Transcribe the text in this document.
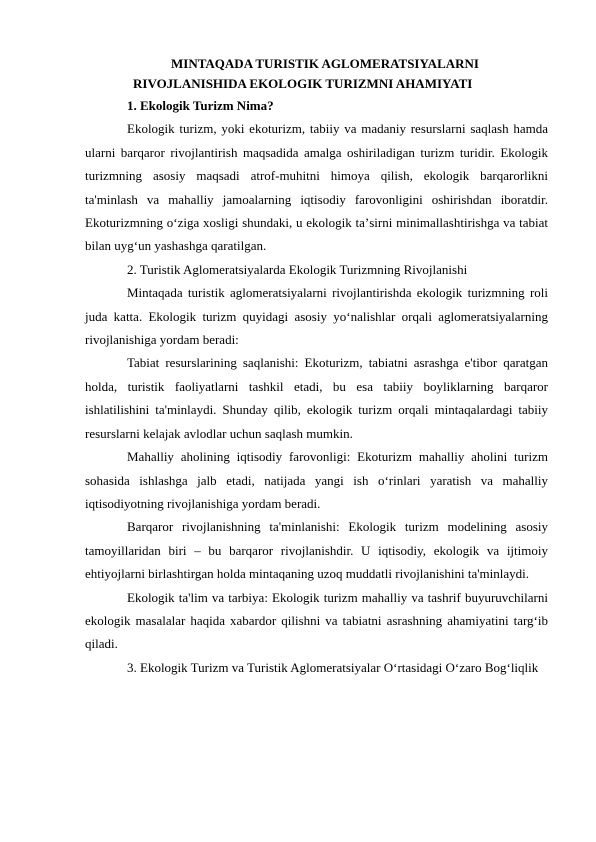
MINTAQADA TURISTIK AGLOMERATSIYALARNI
RIVOJLANISHIDA EKOLOGIK TURIZMNI AHAMIYATI

1. Ekologik Turizm Nima?

Ekologik turizm, yoki ekoturizm, tabiiy va madaniy resurslarni saqlash hamda ularni barqaror rivojlantirish maqsadida amalga oshiriladigan turizm turidir. Ekologik turizmning asosiy maqsadi atrof-muhitni himoya qilish, ekologik barqarorlikni ta'minlash va mahalliy jamoalarning iqtisodiy farovonligini oshirishdan iboratdir. Ekoturizmning oʻziga xosligi shundaki, u ekologik taʼsirni minimallashtirishga va tabiat bilan uygʻun yashashga qaratilgan.

2. Turistik Aglomeratsiyalarda Ekologik Turizmning Rivojlanishi

Mintaqada turistik aglomeratsiyalarni rivojlantirishda ekologik turizmning roli juda katta. Ekologik turizm quyidagi asosiy yoʻnalishlar orqali aglomeratsiyalarning rivojlanishiga yordam beradi:

Tabiat resurslarining saqlanishi: Ekoturizm, tabiatni asrashga e'tibor qaratgan holda, turistik faoliyatlarni tashkil etadi, bu esa tabiiy boyliklarning barqaror ishlatilishini ta'minlaydi. Shunday qilib, ekologik turizm orqali mintaqalardagi tabiiy resurslarni kelajak avlodlar uchun saqlash mumkin.

Mahalliy aholining iqtisodiy farovonligi: Ekoturizm mahalliy aholini turizm sohasida ishlashga jalb etadi, natijada yangi ish oʻrinlari yaratish va mahalliy iqtisodiyotning rivojlanishiga yordam beradi.

Barqaror rivojlanishning ta'minlanishi: Ekologik turizm modelining asosiy tamoyillaridan biri – bu barqaror rivojlanishdir. U iqtisodiy, ekologik va ijtimoiy ehtiyojlarni birlashtirgan holda mintaqaning uzoq muddatli rivojlanishini ta'minlaydi.

Ekologik ta'lim va tarbiya: Ekologik turizm mahalliy va tashrif buyuruvchilarni ekologik masalalar haqida xabardor qilishni va tabiatni asrashning ahamiyatini targʻib qiladi.

3. Ekologik Turizm va Turistik Aglomeratsiyalar Oʻrtasidagi Oʻzaro Bogʻliqlik
